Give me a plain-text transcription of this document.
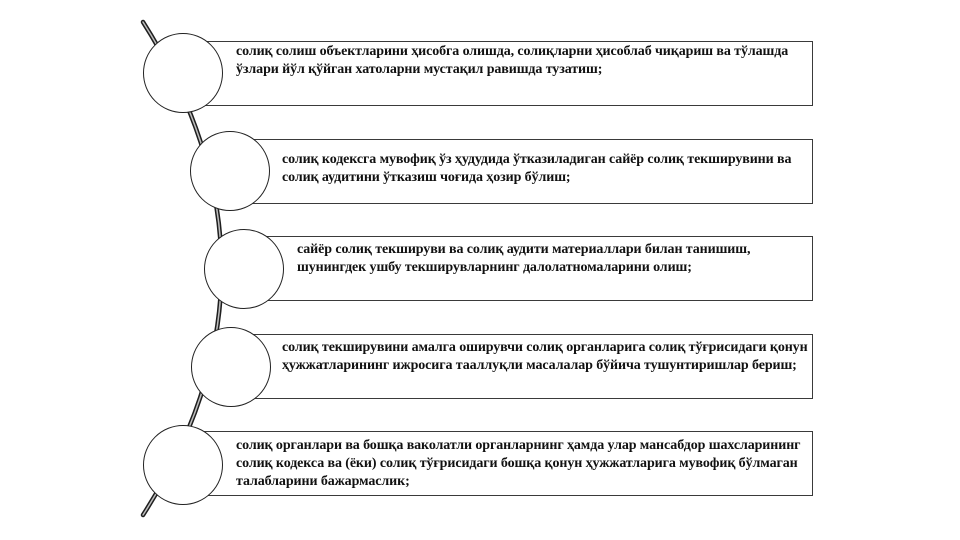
солиқ солиш объектларини ҳисобга олишда, солиқларни ҳисоблаб чиқариш ва тўлашда ўзлари йўл қўйган хатоларни мустақил равишда тузатиш;
солиқ кодексга мувофиқ ўз ҳудудида ўтказиладиган сайёр солиқ текширувини ва солиқ аудитини ўтказиш чоғида ҳозир бўлиш;
сайёр солиқ текшируви ва солиқ аудити материаллари билан танишиш, шунингдек ушбу текширувларнинг далолатномаларини олиш;
солиқ текширувини амалга оширувчи солиқ органларига солиқ тўғрисидаги қонун ҳужжатларининг ижросига тааллуқли масалалар бўйича тушунтиришлар бериш;
солиқ органлари ва бошқа ваколатли органларнинг ҳамда улар мансабдор шахсларининг солиқ кодекса ва (ёки) солиқ тўғрисидаги бошқа қонун ҳужжатларига мувофиқ бўлмаган талабларини бажармаслик;
